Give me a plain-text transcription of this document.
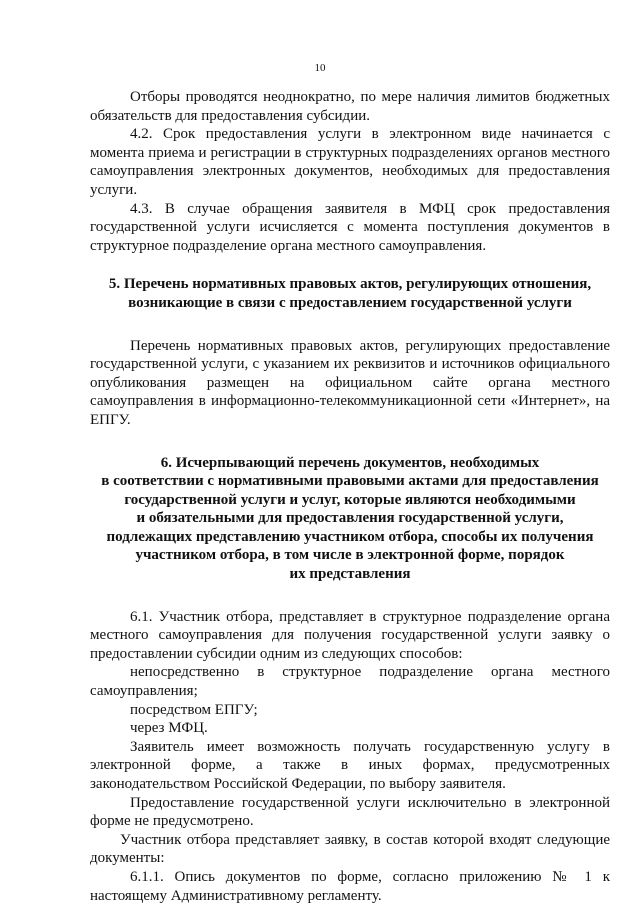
10

Отборы проводятся неоднократно, по мере наличия лимитов бюджетных обязательств для предоставления субсидии.

4.2. Срок предоставления услуги в электронном виде начинается с момента приема и регистрации в структурных подразделениях органов местного самоуправления электронных документов, необходимых для предоставления услуги.

4.3. В случае обращения заявителя в МФЦ срок предоставления государственной услуги исчисляется с момента поступления документов в структурное подразделение органа местного самоуправления.

5. Перечень нормативных правовых актов, регулирующих отношения,
возникающие в связи с предоставлением государственной услуги

Перечень нормативных правовых актов, регулирующих предоставление государственной услуги, с указанием их реквизитов и источников официального опубликования размещен на официальном сайте органа местного самоуправления в информационно-телекоммуникационной сети «Интернет», на ЕПГУ.

6. Исчерпывающий перечень документов, необходимых
в соответствии с нормативными правовыми актами для предоставления
государственной услуги и услуг, которые являются необходимыми
и обязательными для предоставления государственной услуги,
подлежащих представлению участником отбора, способы их получения
участником отбора, в том числе в электронной форме, порядок
их представления

6.1. Участник отбора, представляет в структурное подразделение органа местного самоуправления для получения государственной услуги заявку о предоставлении субсидии одним из следующих способов:

непосредственно в структурное подразделение органа местного самоуправления;

посредством ЕПГУ;

через МФЦ.

Заявитель имеет возможность получать государственную услугу в электронной форме, а также в иных формах, предусмотренных законодательством Российской Федерации, по выбору заявителя.

Предоставление государственной услуги исключительно в электронной форме не предусмотрено.

Участник отбора представляет заявку, в состав которой входят следующие документы:

6.1.1. Опись документов по форме, согласно приложению № 1 к настоящему Административному регламенту.
